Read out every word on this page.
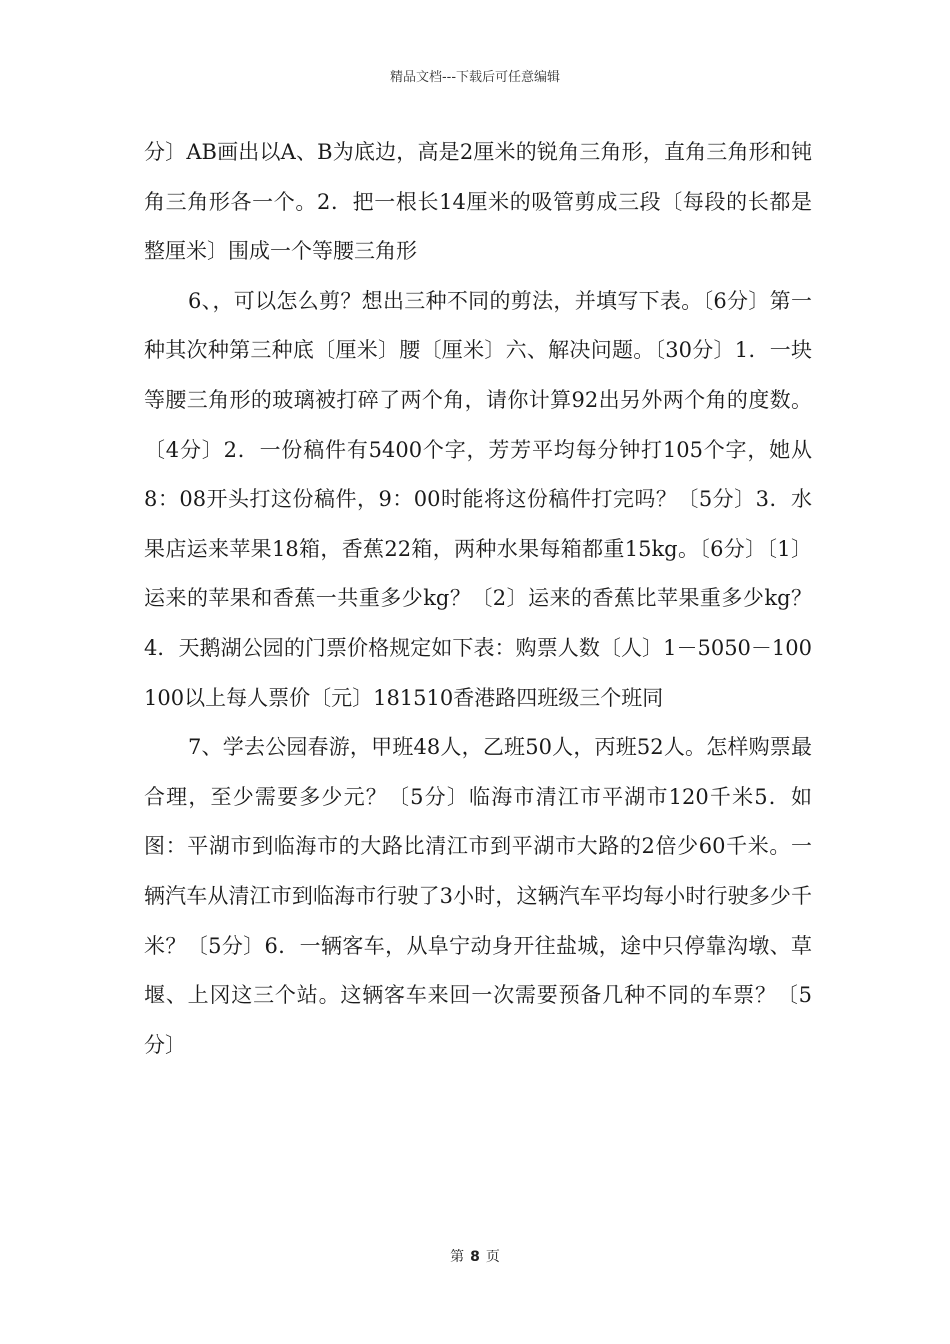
精品文档---下载后可任意编辑

分〕AB画出以A、B为底边，高是2厘米的锐角三角形，直角三角形和钝角三角形各一个。2．把一根长14厘米的吸管剪成三段〔每段的长都是整厘米〕围成一个等腰三角形

6、，可以怎么剪？想出三种不同的剪法，并填写下表。〔6分〕第一种其次种第三种底〔厘米〕腰〔厘米〕六、解决问题。〔30分〕1．一块等腰三角形的玻璃被打碎了两个角，请你计算92出另外两个角的度数。〔4分〕2．一份稿件有5400个字，芳芳平均每分钟打105个字，她从8：08开头打这份稿件，9：00时能将这份稿件打完吗？〔5分〕3．水果店运来苹果18箱，香蕉22箱，两种水果每箱都重15kg。〔6分〕〔1〕运来的苹果和香蕉一共重多少kg？〔2〕运来的香蕉比苹果重多少kg？4．天鹅湖公园的门票价格规定如下表：购票人数〔人〕1－5050－100100以上每人票价〔元〕181510香港路四班级三个班同

7、学去公园春游，甲班48人，乙班50人，丙班52人。怎样购票最合理，至少需要多少元？〔5分〕临海市清江市平湖市120千米5．如图：平湖市到临海市的大路比清江市到平湖市大路的2倍少60千米。一辆汽车从清江市到临海市行驶了3小时，这辆汽车平均每小时行驶多少千米？〔5分〕6．一辆客车，从阜宁动身开往盐城，途中只停靠沟墩、草堰、上冈这三个站。这辆客车来回一次需要预备几种不同的车票？〔5分〕

第 8 页
